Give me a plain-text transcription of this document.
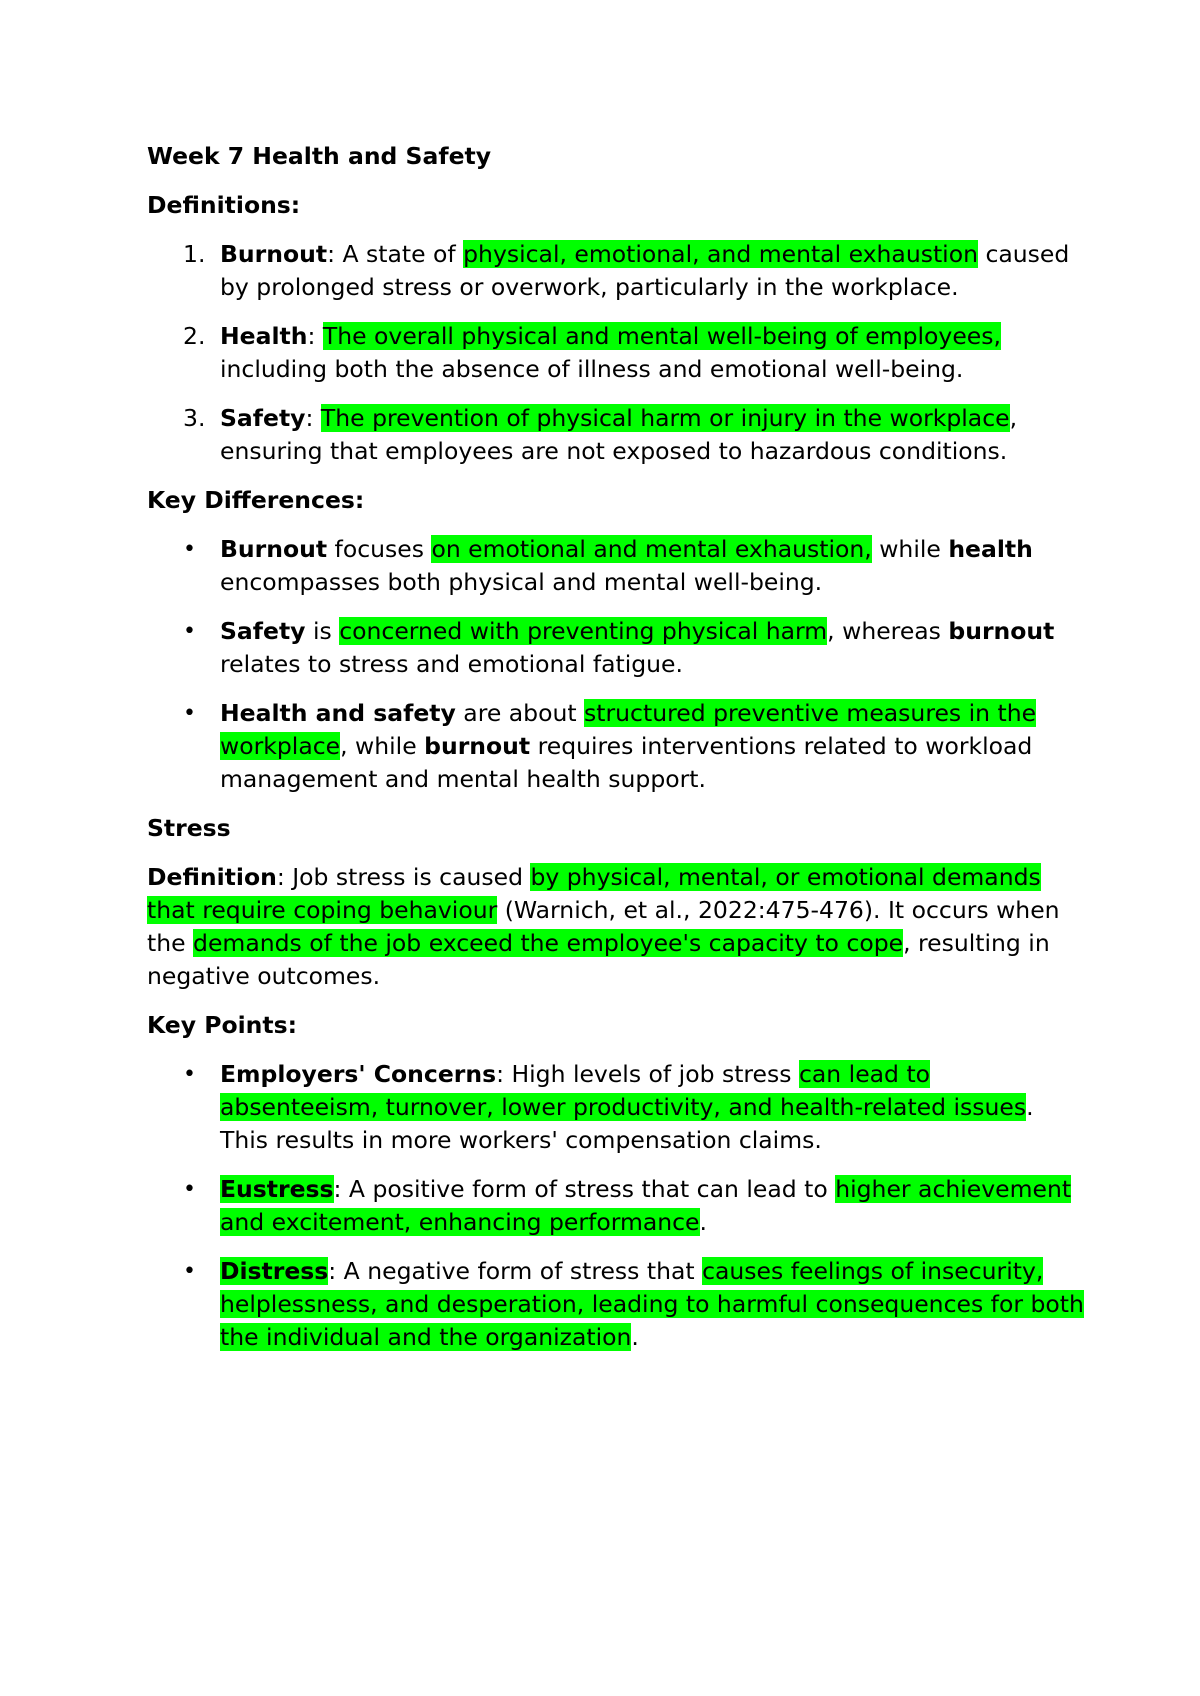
Week 7 Health and Safety
Definitions:
1. Burnout: A state of physical, emotional, and mental exhaustion caused by prolonged stress or overwork, particularly in the workplace.
2. Health: The overall physical and mental well-being of employees, including both the absence of illness and emotional well-being.
3. Safety: The prevention of physical harm or injury in the workplace, ensuring that employees are not exposed to hazardous conditions.
Key Differences:
• Burnout focuses on emotional and mental exhaustion, while health encompasses both physical and mental well-being.
• Safety is concerned with preventing physical harm, whereas burnout relates to stress and emotional fatigue.
• Health and safety are about structured preventive measures in the workplace, while burnout requires interventions related to workload management and mental health support.
Stress

Definition: Job stress is caused by physical, mental, or emotional demands that require coping behaviour (Warnich, et al., 2022:475-476). It occurs when the demands of the job exceed the employee's capacity to cope, resulting in negative outcomes.

Key Points:
• Employers' Concerns: High levels of job stress can lead to absenteeism, turnover, lower productivity, and health-related issues. This results in more workers' compensation claims.
• Eustress: A positive form of stress that can lead to higher achievement and excitement, enhancing performance.
• Distress: A negative form of stress that causes feelings of insecurity, helplessness, and desperation, leading to harmful consequences for both the individual and the organization.
